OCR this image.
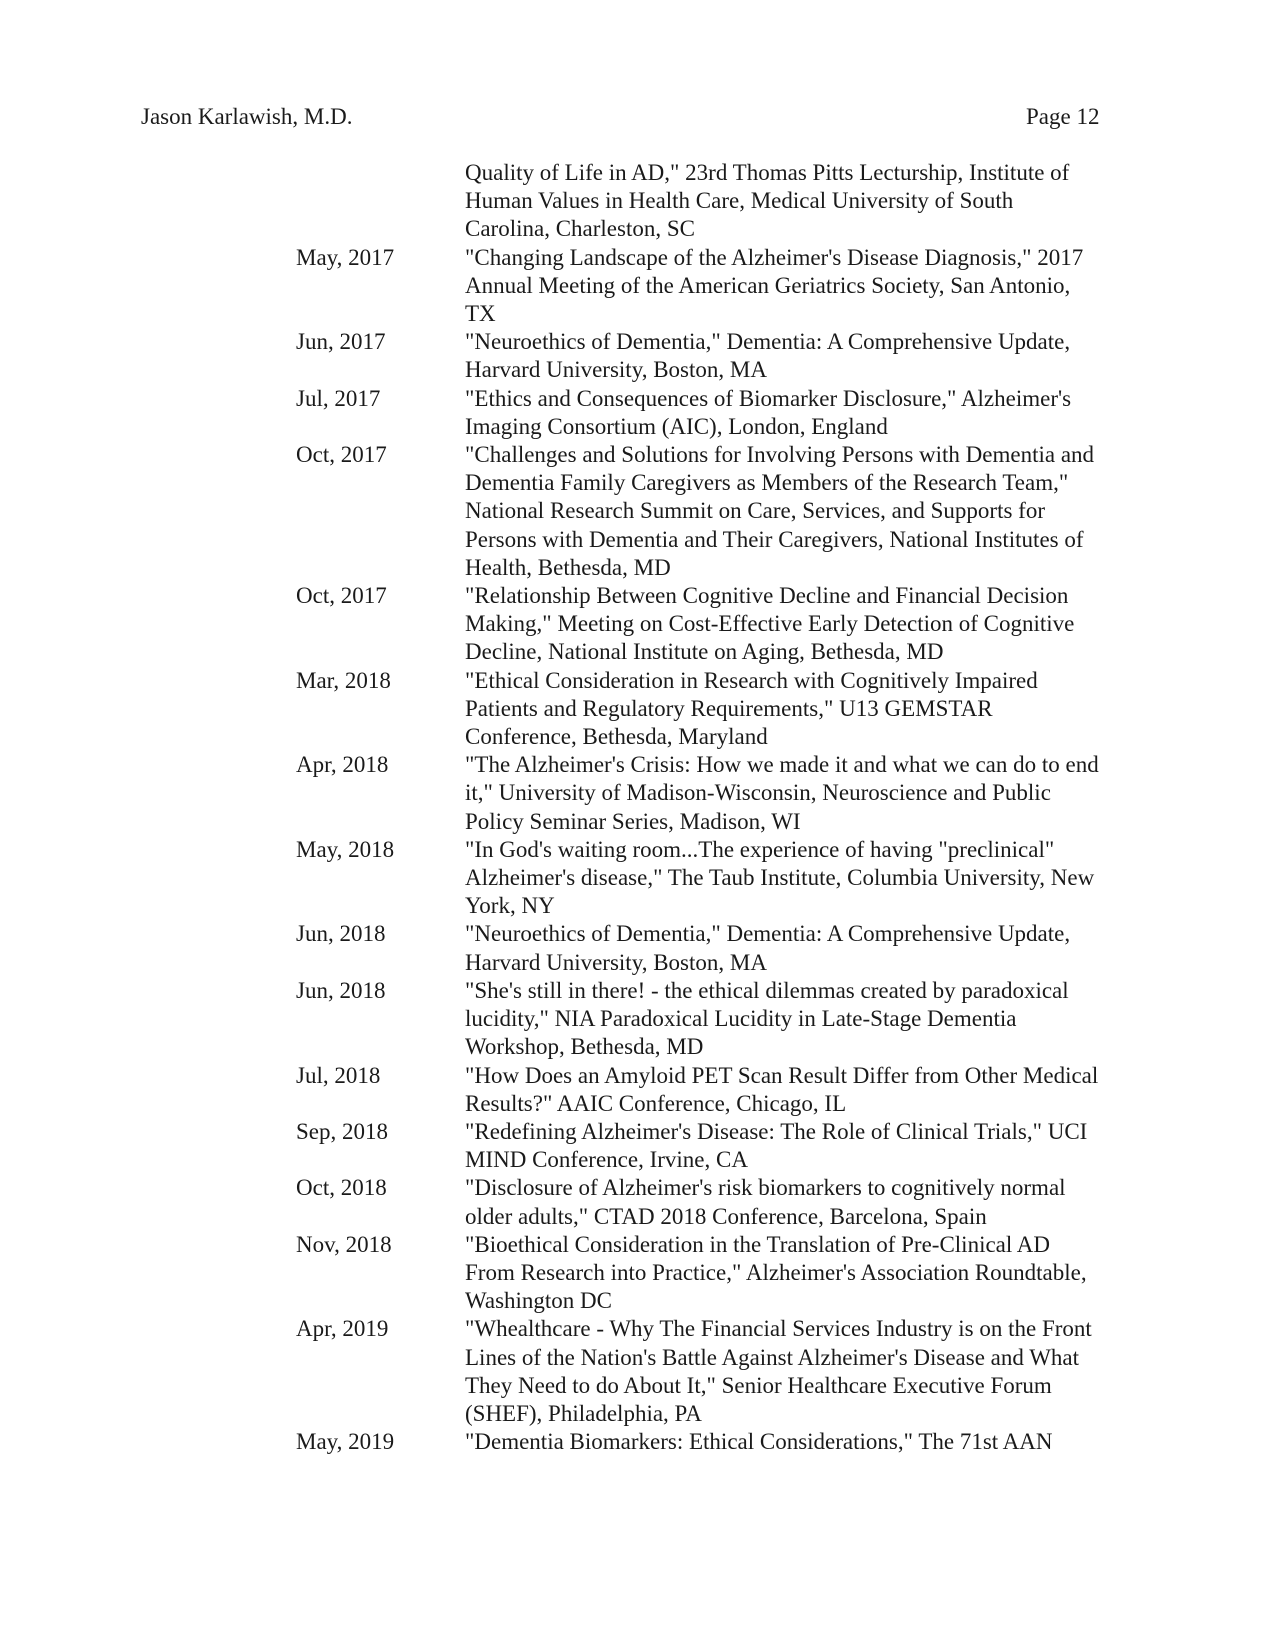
Jason Karlawish, M.D.	Page 12
Quality of Life in AD," 23rd Thomas Pitts Lecturship, Institute of
Human Values in Health Care, Medical University of South
Carolina, Charleston, SC
May, 2017	"Changing Landscape of the Alzheimer's Disease Diagnosis," 2017
Annual Meeting of the American Geriatrics Society, San Antonio,
TX
Jun, 2017	"Neuroethics of Dementia," Dementia: A Comprehensive Update,
Harvard University, Boston, MA
Jul, 2017	"Ethics and Consequences of Biomarker Disclosure," Alzheimer's
Imaging Consortium (AIC), London, England
Oct, 2017	"Challenges and Solutions for Involving Persons with Dementia and
Dementia Family Caregivers as Members of the Research Team,"
National Research Summit on Care, Services, and Supports for
Persons with Dementia and Their Caregivers, National Institutes of
Health, Bethesda, MD
Oct, 2017	"Relationship Between Cognitive Decline and Financial Decision
Making," Meeting on Cost-Effective Early Detection of Cognitive
Decline, National Institute on Aging, Bethesda, MD
Mar, 2018	"Ethical Consideration in Research with Cognitively Impaired
Patients and Regulatory Requirements," U13 GEMSTAR
Conference, Bethesda, Maryland
Apr, 2018	"The Alzheimer's Crisis: How we made it and what we can do to end
it," University of Madison-Wisconsin, Neuroscience and Public
Policy Seminar Series, Madison, WI
May, 2018	"In God's waiting room...The experience of having "preclinical"
Alzheimer's disease," The Taub Institute, Columbia University, New
York, NY
Jun, 2018	"Neuroethics of Dementia," Dementia: A Comprehensive Update,
Harvard University, Boston, MA
Jun, 2018	"She's still in there! - the ethical dilemmas created by paradoxical
lucidity," NIA Paradoxical Lucidity in Late-Stage Dementia
Workshop, Bethesda, MD
Jul, 2018	"How Does an Amyloid PET Scan Result Differ from Other Medical
Results?" AAIC Conference, Chicago, IL
Sep, 2018	"Redefining Alzheimer's Disease: The Role of Clinical Trials," UCI
MIND Conference, Irvine, CA
Oct, 2018	"Disclosure of Alzheimer's risk biomarkers to cognitively normal
older adults," CTAD 2018 Conference, Barcelona, Spain
Nov, 2018	"Bioethical Consideration in the Translation of Pre-Clinical AD
From Research into Practice," Alzheimer's Association Roundtable,
Washington DC
Apr, 2019	"Whealthcare - Why The Financial Services Industry is on the Front
Lines of the Nation's Battle Against Alzheimer's Disease and What
They Need to do About It," Senior Healthcare Executive Forum
(SHEF), Philadelphia, PA
May, 2019	"Dementia Biomarkers: Ethical Considerations," The 71st AAN
